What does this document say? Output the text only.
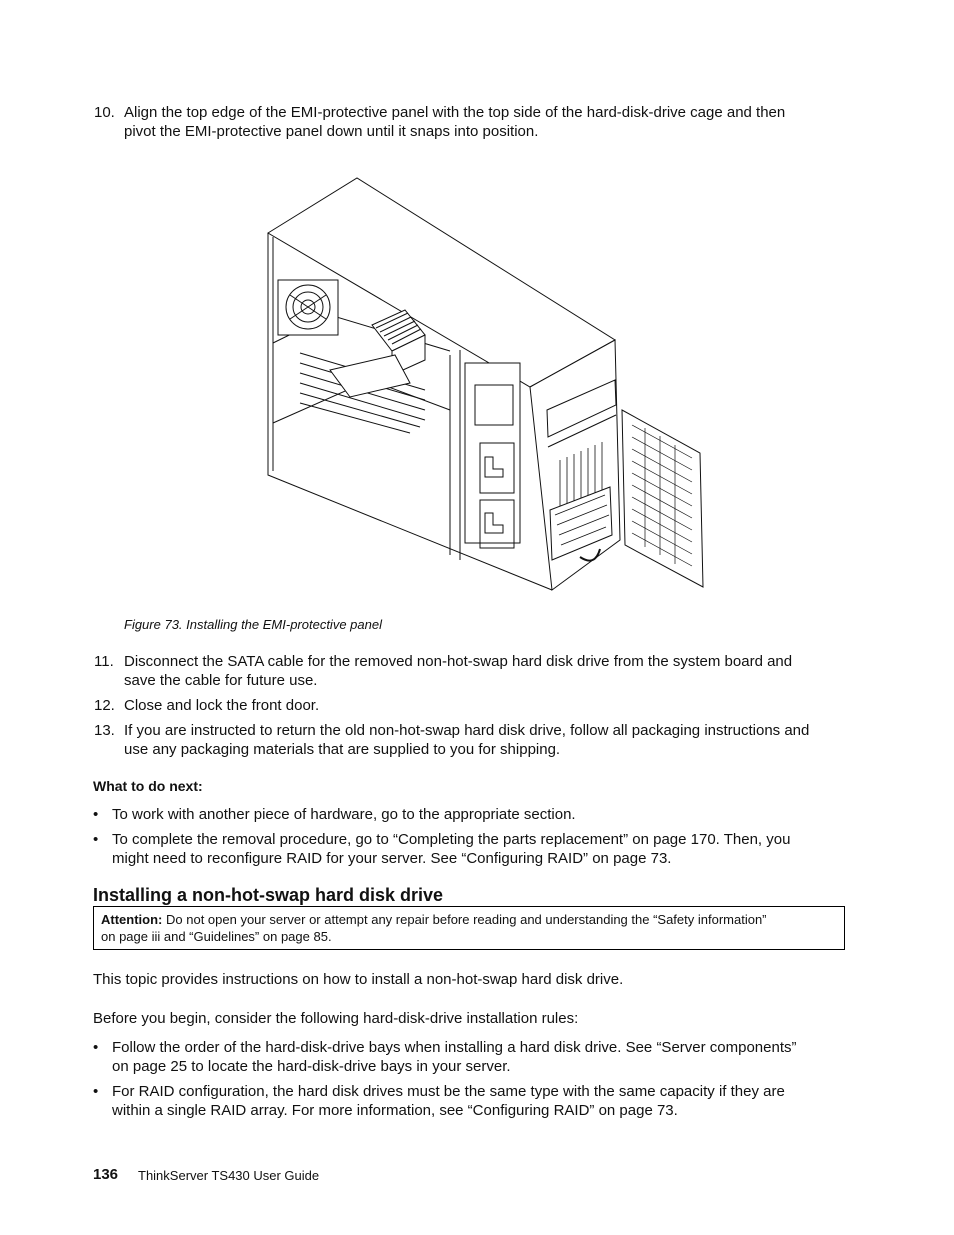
10. Align the top edge of the EMI-protective panel with the top side of the hard-disk-drive cage and then
pivot the EMI-protective panel down until it snaps into position.
Figure 73. Installing the EMI-protective panel
11. Disconnect the SATA cable for the removed non-hot-swap hard disk drive from the system board and
save the cable for future use.
12. Close and lock the front door.
13. If you are instructed to return the old non-hot-swap hard disk drive, follow all packaging instructions and
use any packaging materials that are supplied to you for shipping.
What to do next:
• To work with another piece of hardware, go to the appropriate section.
• To complete the removal procedure, go to “Completing the parts replacement” on page 170. Then, you
might need to reconfigure RAID for your server. See “Configuring RAID” on page 73.
Installing a non-hot-swap hard disk drive
Attention: Do not open your server or attempt any repair before reading and understanding the “Safety information”
on page iii and “Guidelines” on page 85.
This topic provides instructions on how to install a non-hot-swap hard disk drive.
Before you begin, consider the following hard-disk-drive installation rules:
• Follow the order of the hard-disk-drive bays when installing a hard disk drive. See “Server components”
on page 25 to locate the hard-disk-drive bays in your server.
• For RAID configuration, the hard disk drives must be the same type with the same capacity if they are
within a single RAID array. For more information, see “Configuring RAID” on page 73.
136 ThinkServer TS430 User Guide
